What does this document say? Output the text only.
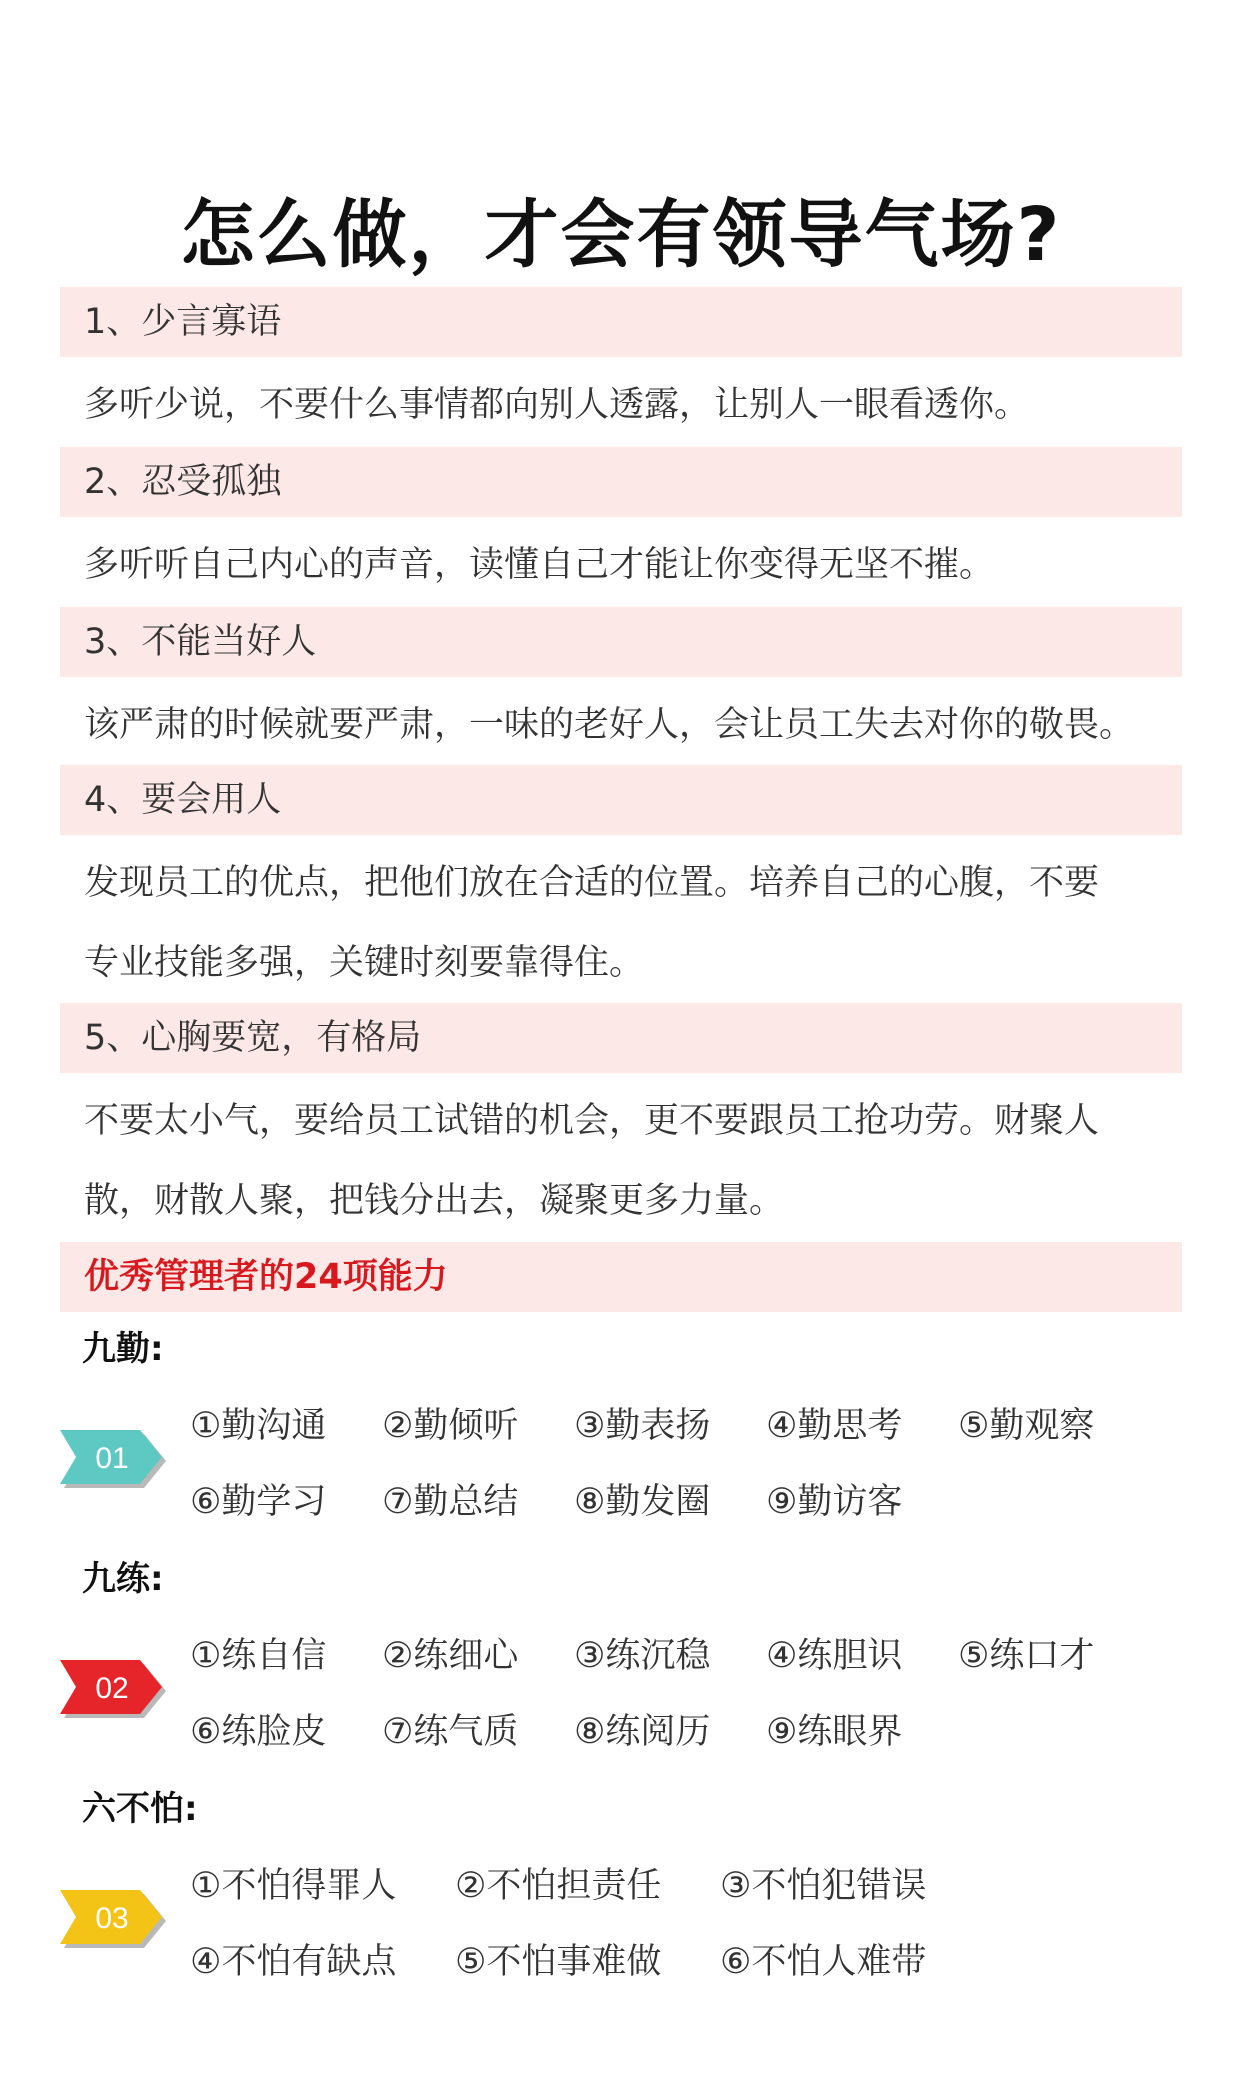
怎么做，才会有领导气场?
1、少言寡语
多听少说，不要什么事情都向别人透露，让别人一眼看透你。
2、忍受孤独
多听听自己内心的声音，读懂自己才能让你变得无坚不摧。
3、不能当好人
该严肃的时候就要严肃，一味的老好人，会让员工失去对你的敬畏。
4、要会用人
发现员工的优点，把他们放在合适的位置。培养自己的心腹，不要
专业技能多强，关键时刻要靠得住。
5、心胸要宽，有格局
不要太小气，要给员工试错的机会，更不要跟员工抢功劳。财聚人
散，财散人聚，把钱分出去，凝聚更多力量。
优秀管理者的24项能力
九勤:
01
①勤沟通	②勤倾听	③勤表扬	④勤思考	⑤勤观察
⑥勤学习	⑦勤总结	⑧勤发圈	⑨勤访客
九练:
02
①练自信	②练细心	③练沉稳	④练胆识	⑤练口才
⑥练脸皮	⑦练气质	⑧练阅历	⑨练眼界
六不怕:
03
①不怕得罪人	②不怕担责任	③不怕犯错误
④不怕有缺点	⑤不怕事难做	⑥不怕人难带
